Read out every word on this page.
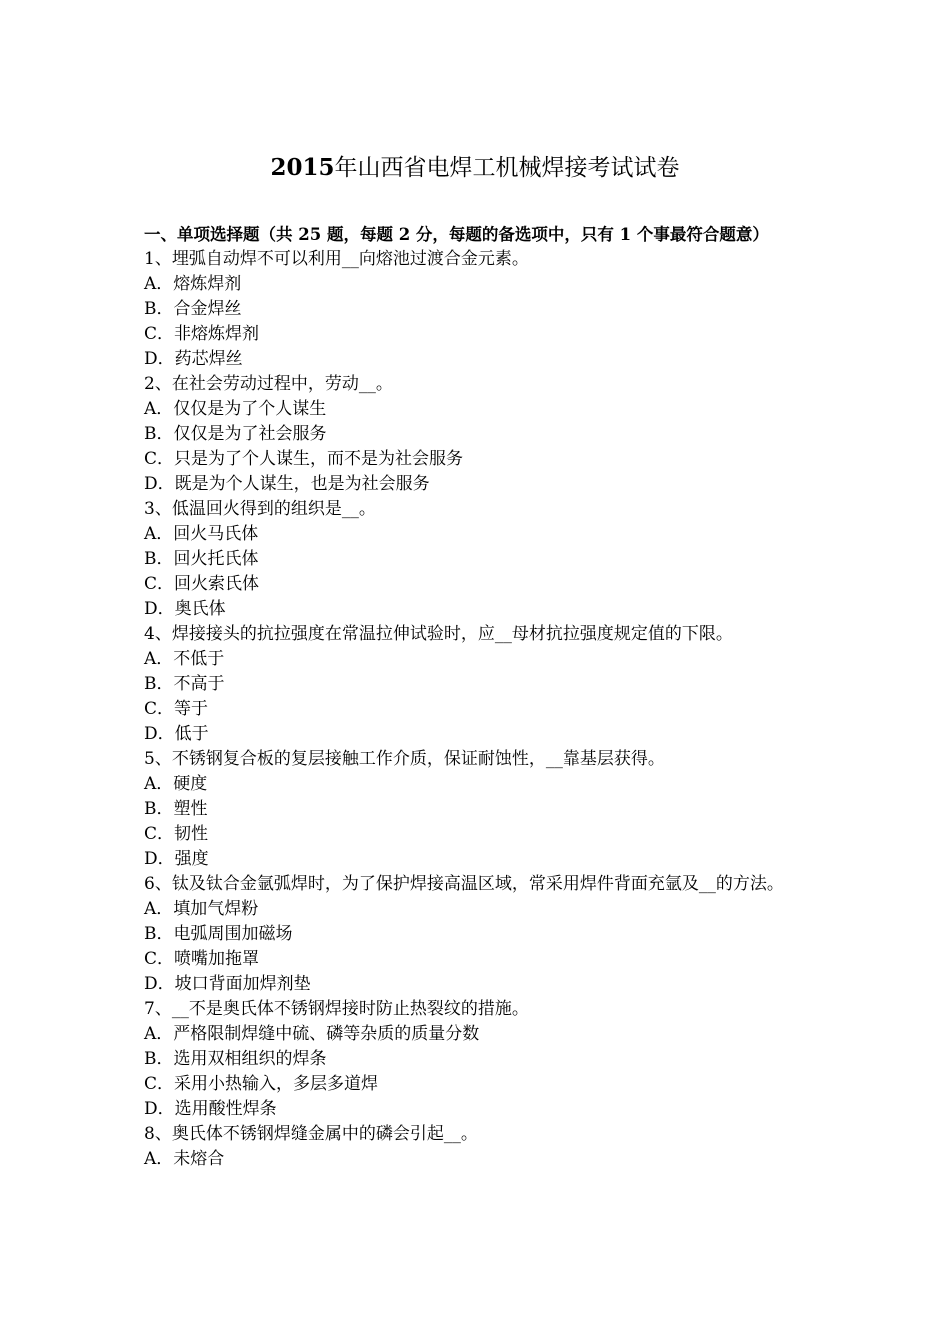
2015年山西省电焊工机械焊接考试试卷

一、单项选择题（共 25 题，每题 2 分，每题的备选项中，只有 1 个事最符合题意）

1、埋弧自动焊不可以利用__向熔池过渡合金元素。

A．熔炼焊剂

B．合金焊丝

C．非熔炼焊剂

D．药芯焊丝

2、在社会劳动过程中，劳动__。

A．仅仅是为了个人谋生

B．仅仅是为了社会服务

C．只是为了个人谋生，而不是为社会服务

D．既是为个人谋生，也是为社会服务

3、低温回火得到的组织是__。

A．回火马氏体

B．回火托氏体

C．回火索氏体

D．奥氏体

4、焊接接头的抗拉强度在常温拉伸试验时，应__母材抗拉强度规定值的下限。

A．不低于

B．不高于

C．等于

D．低于

5、不锈钢复合板的复层接触工作介质，保证耐蚀性，__靠基层获得。

A．硬度

B．塑性

C．韧性

D．强度

6、钛及钛合金氩弧焊时，为了保护焊接高温区域，常采用焊件背面充氩及__的方法。

A．填加气焊粉

B．电弧周围加磁场

C．喷嘴加拖罩

D．坡口背面加焊剂垫

7、__不是奥氏体不锈钢焊接时防止热裂纹的措施。

A．严格限制焊缝中硫、磷等杂质的质量分数

B．选用双相组织的焊条

C．采用小热输入，多层多道焊

D．选用酸性焊条

8、奥氏体不锈钢焊缝金属中的磷会引起__。

A．未熔合
